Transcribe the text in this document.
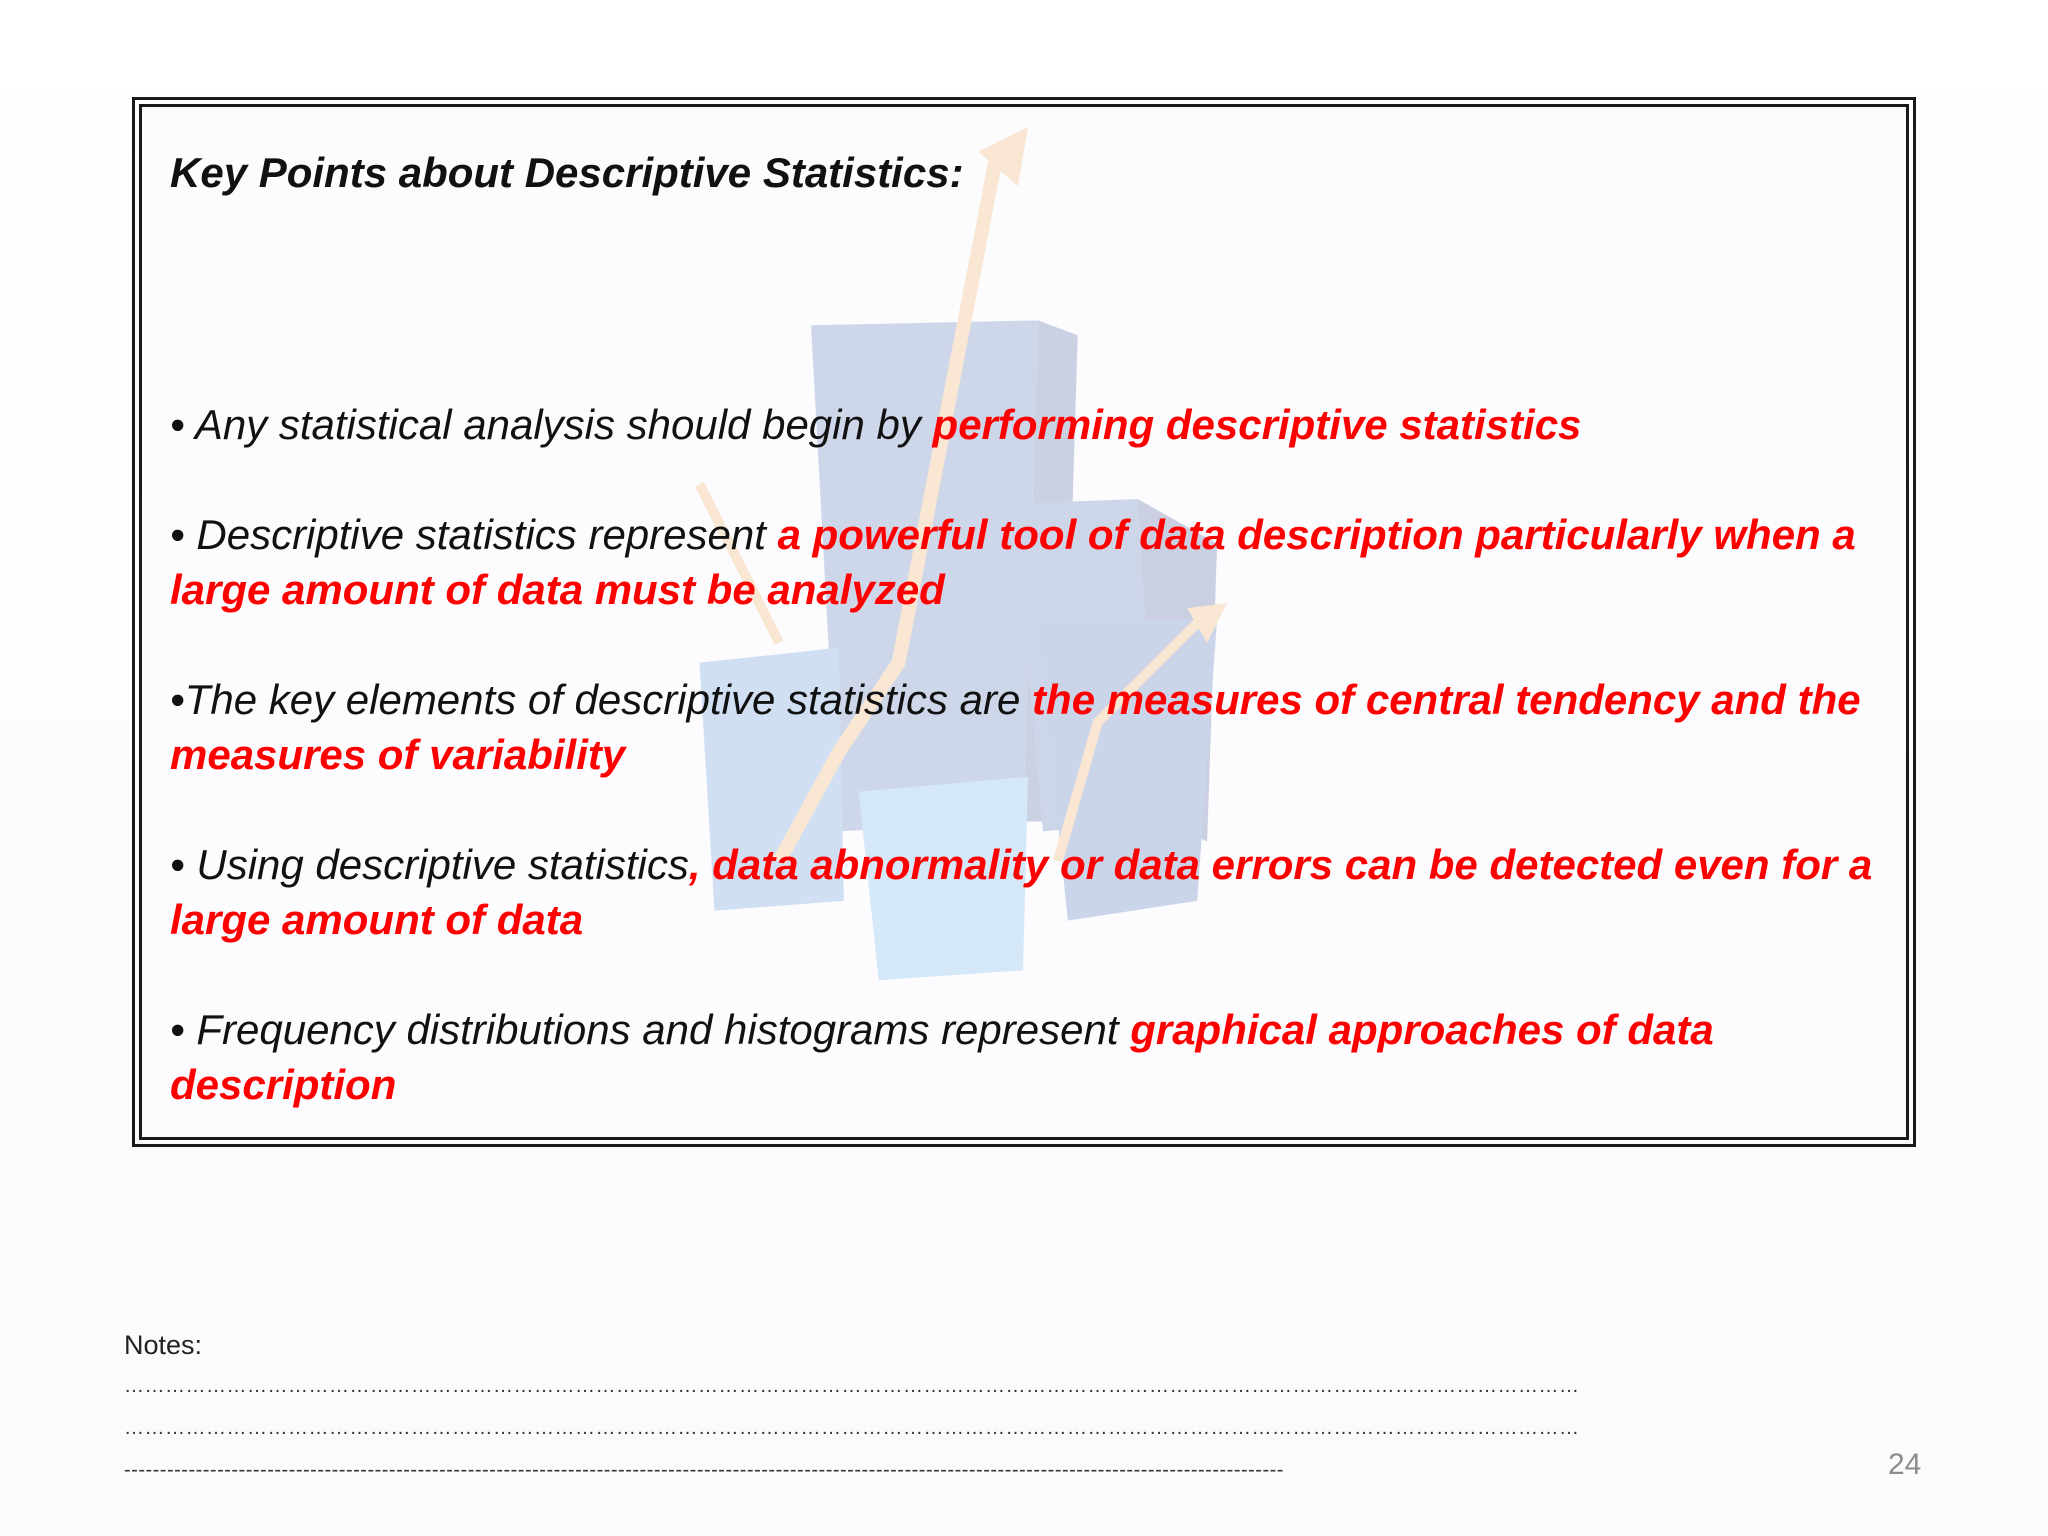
Key Points about Descriptive Statistics:

• Any statistical analysis should begin by performing descriptive statistics

• Descriptive statistics represent a powerful tool of data description particularly when a large amount of data must be analyzed

•The key elements of descriptive statistics are the measures of central tendency and the measures of variability

• Using descriptive statistics, data abnormality or data errors can be detected even for a large amount of data

• Frequency distributions and histograms represent graphical approaches of data description

Notes:

……………………………………………………………………………………………………………………………………………………………………………………………

……………………………………………………………………………………………………………………………………………………………………………………………

------------------------------------------------------------------------------------------------------------------------------------------------------------------	24
